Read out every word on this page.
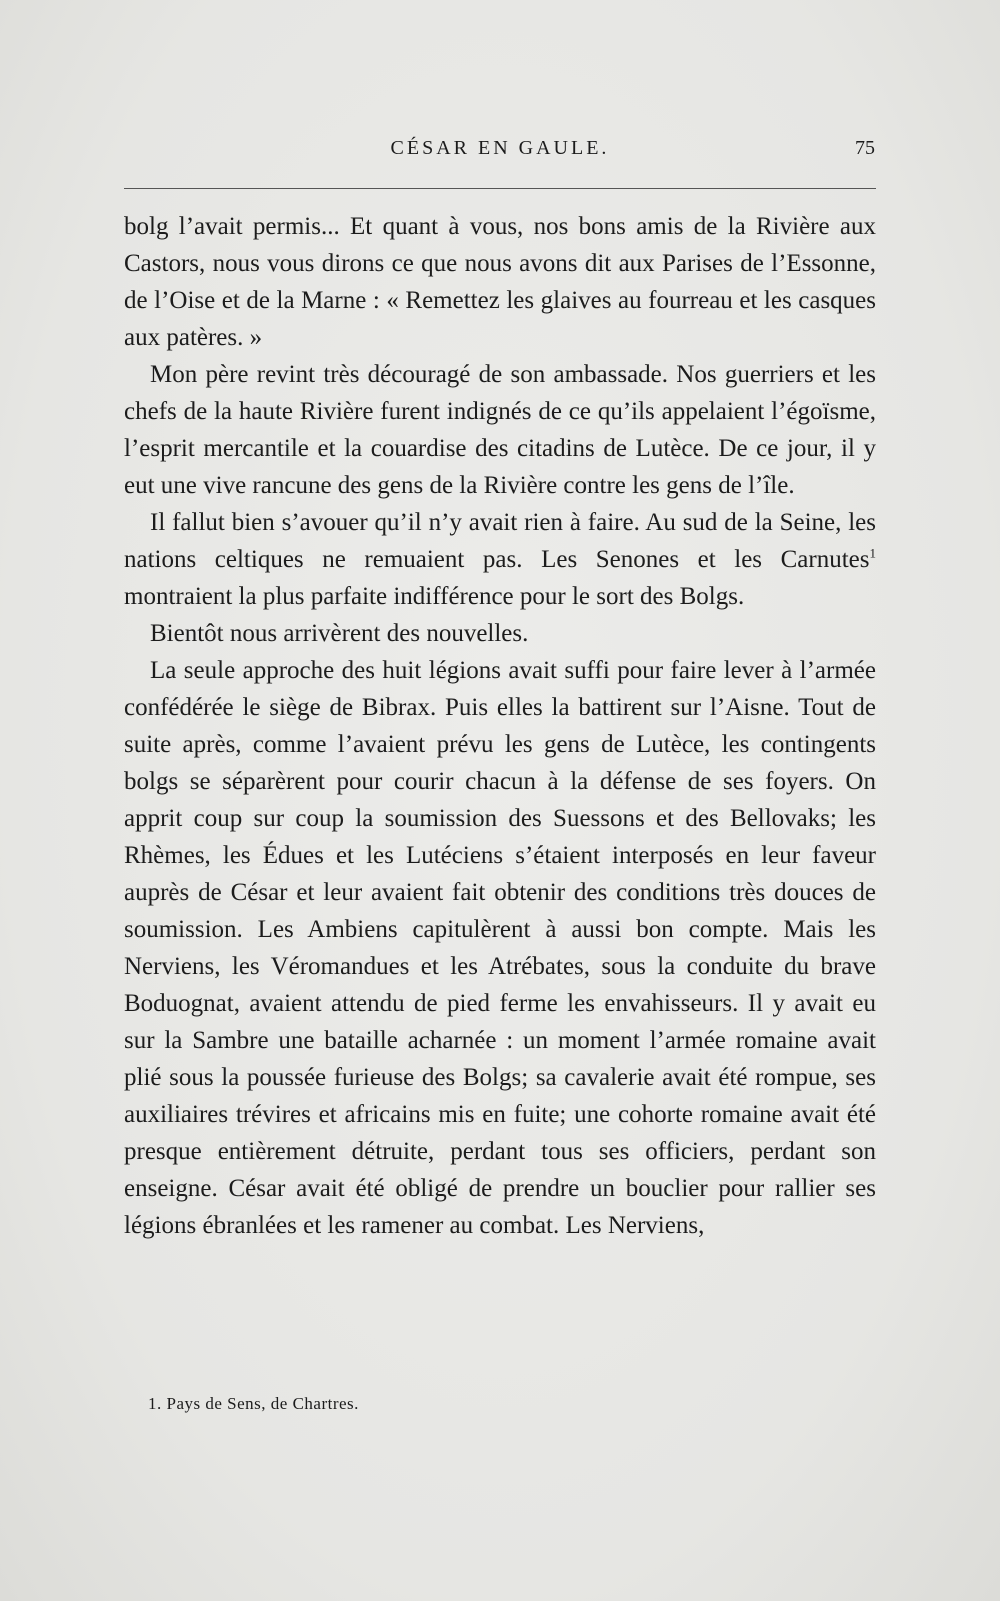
CÉSAR EN GAULE.	75

bolg l’avait permis... Et quant à vous, nos bons amis de la Rivière aux Castors, nous vous dirons ce que nous avons dit aux Parises de l’Essonne, de l’Oise et de la Marne : « Remettez les glaives au fourreau et les casques aux patères. »

Mon père revint très découragé de son ambassade. Nos guerriers et les chefs de la haute Rivière furent indignés de ce qu’ils appelaient l’égoïsme, l’esprit mercantile et la couardise des citadins de Lutèce. De ce jour, il y eut une vive rancune des gens de la Rivière contre les gens de l’île.

Il fallut bien s’avouer qu’il n’y avait rien à faire. Au sud de la Seine, les nations celtiques ne remuaient pas. Les Senones et les Carnutes$^1$ montraient la plus parfaite indifférence pour le sort des Bolgs.

Bientôt nous arrivèrent des nouvelles.

La seule approche des huit légions avait suffi pour faire lever à l’armée confédérée le siège de Bibrax. Puis elles la battirent sur l’Aisne. Tout de suite après, comme l’avaient prévu les gens de Lutèce, les contingents bolgs se séparèrent pour courir chacun à la défense de ses foyers. On apprit coup sur coup la soumission des Suessons et des Bellovaks; les Rhèmes, les Édues et les Lutéciens s’étaient interposés en leur faveur auprès de César et leur avaient fait obtenir des conditions très douces de soumission. Les Ambiens capitulèrent à aussi bon compte. Mais les Nerviens, les Véromandues et les Atrébates, sous la conduite du brave Boduognat, avaient attendu de pied ferme les envahisseurs. Il y avait eu sur la Sambre une bataille acharnée : un moment l’armée romaine avait plié sous la poussée furieuse des Bolgs; sa cavalerie avait été rompue, ses auxiliaires trévires et africains mis en fuite; une cohorte romaine avait été presque entièrement détruite, perdant tous ses officiers, perdant son enseigne. César avait été obligé de prendre un bouclier pour rallier ses légions ébranlées et les ramener au combat. Les Nerviens,

1. Pays de Sens, de Chartres.
